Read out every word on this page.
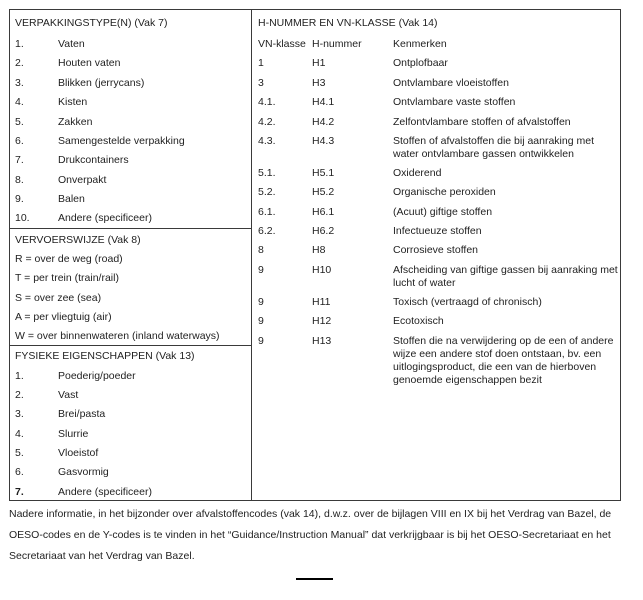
VERPAKKINGSTYPE(N) (Vak 7)
1.	Vaten
2.	Houten vaten
3.	Blikken (jerrycans)
4.	Kisten
5.	Zakken
6.	Samengestelde verpakking
7.	Drukcontainers
8.	Onverpakt
9.	Balen
10.	Andere (specificeer)
VERVOERSWIJZE (Vak 8)
R = over de weg (road)
T = per trein (train/rail)
S = over zee (sea)
A = per vliegtuig (air)
W = over binnenwateren (inland waterways)
FYSIEKE EIGENSCHAPPEN (Vak 13)
1.	Poederig/poeder
2.	Vast
3.	Brei/pasta
4.	Slurrie
5.	Vloeistof
6.	Gasvormig
7.	Andere (specificeer)
H-NUMMER EN VN-KLASSE (Vak 14)
VN-klasse H-nummer	Kenmerken
1	H1	Ontplofbaar
3	H3	Ontvlambare vloeistoffen
4.1.	H4.1	Ontvlambare vaste stoffen
4.2.	H4.2	Zelfontvlambare stoffen of afvalstoffen
4.3.	H4.3	Stoffen of afvalstoffen die bij aanraking met water ontvlambare gassen ontwikkelen
5.1.	H5.1	Oxiderend
5.2.	H5.2	Organische peroxiden
6.1.	H6.1	(Acuut) giftige stoffen
6.2.	H6.2	Infectueuze stoffen
8	H8	Corrosieve stoffen
9	H10	Afscheiding van giftige gassen bij aanraking met lucht of water
9	H11	Toxisch (vertraagd of chronisch)
9	H12	Ecotoxisch
9	H13	Stoffen die na verwijdering op de een of andere wijze een andere stof doen ontstaan, bv. een uitlogingsproduct, die een van de hierboven genoemde eigenschappen bezit
Nadere informatie, in het bijzonder over afvalstoffencodes (vak 14), d.w.z. over de bijlagen VIII en IX bij het Verdrag van Bazel, de OESO-codes en de Y-codes is te vinden in het “Guidance/Instruction Manual” dat verkrijgbaar is bij het OESO-Secretariaat en het Secretariaat van het Verdrag van Bazel.
